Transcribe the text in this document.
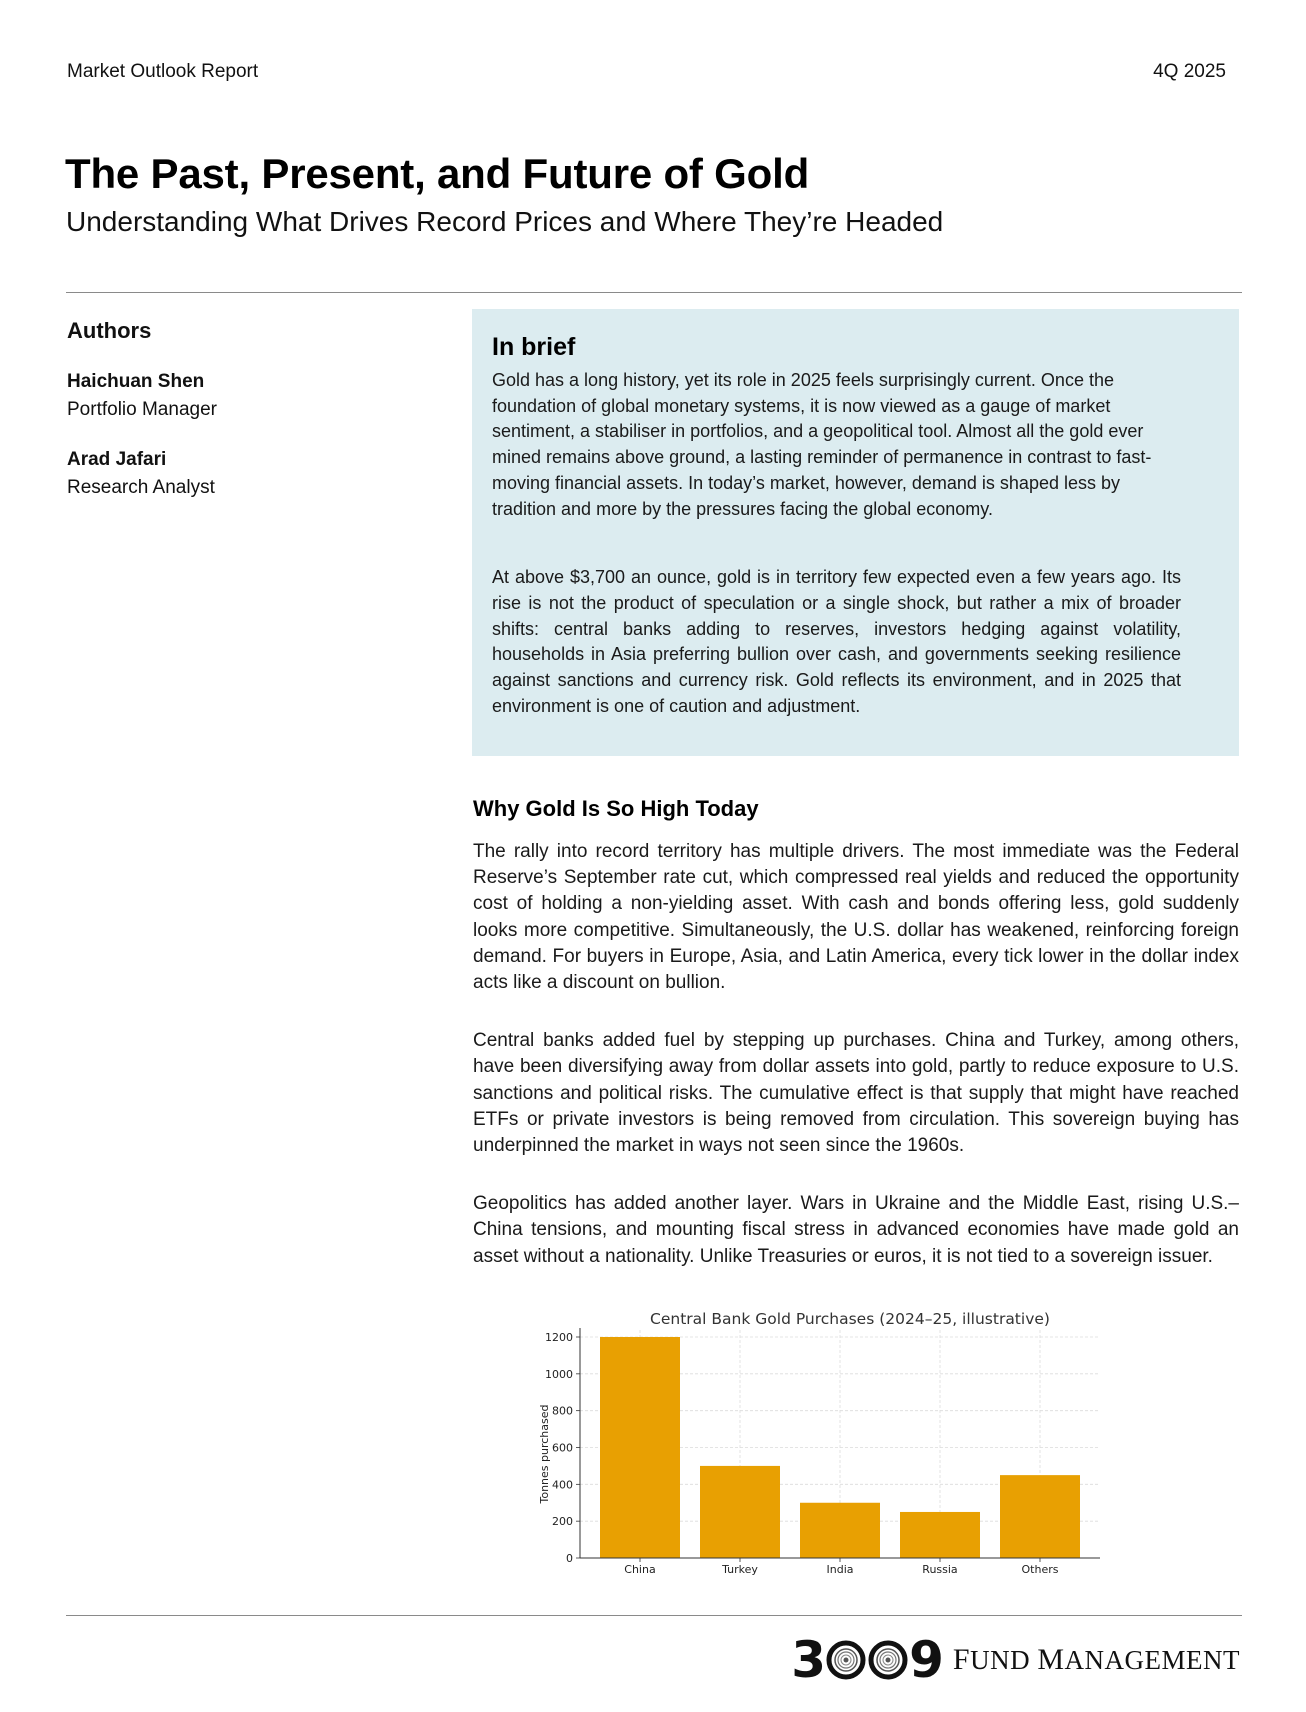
Market Outlook Report	4Q 2025
The Past, Present, and Future of Gold
Understanding What Drives Record Prices and Where They’re Headed
Authors
Haichuan Shen
Portfolio Manager
Arad Jafari
Research Analyst
In brief

Gold has a long history, yet its role in 2025 feels surprisingly current. Once the foundation of global monetary systems, it is now viewed as a gauge of market sentiment, a stabiliser in portfolios, and a geopolitical tool. Almost all the gold ever mined remains above ground, a lasting reminder of permanence in contrast to fast-moving financial assets. In today’s market, however, demand is shaped less by tradition and more by the pressures facing the global economy.

At above $3,700 an ounce, gold is in territory few expected even a few years ago. Its rise is not the product of speculation or a single shock, but rather a mix of broader shifts: central banks adding to reserves, investors hedging against volatility, households in Asia preferring bullion over cash, and governments seeking resilience against sanctions and currency risk. Gold reflects its environment, and in 2025 that environment is one of caution and adjustment.

Why Gold Is So High Today

The rally into record territory has multiple drivers. The most immediate was the Federal Reserve’s September rate cut, which compressed real yields and reduced the opportunity cost of holding a non-yielding asset. With cash and bonds offering less, gold suddenly looks more competitive. Simultaneously, the U.S. dollar has weakened, reinforcing foreign demand. For buyers in Europe, Asia, and Latin America, every tick lower in the dollar index acts like a discount on bullion.

Central banks added fuel by stepping up purchases. China and Turkey, among others, have been diversifying away from dollar assets into gold, partly to reduce exposure to U.S. sanctions and political risks. The cumulative effect is that supply that might have reached ETFs or private investors is being removed from circulation. This sovereign buying has underpinned the market in ways not seen since the 1960s.

Geopolitics has added another layer. Wars in Ukraine and the Middle East, rising U.S.–China tensions, and mounting fiscal stress in advanced economies have made gold an asset without a nationality. Unlike Treasuries or euros, it is not tied to a sovereign issuer.

Central Bank Gold Purchases (2024–25, illustrative)
Tonnes purchased
0
200
400
600
800
1000
1200
China	Turkey	India	Russia	Others
3 9 FUND MANAGEMENT
